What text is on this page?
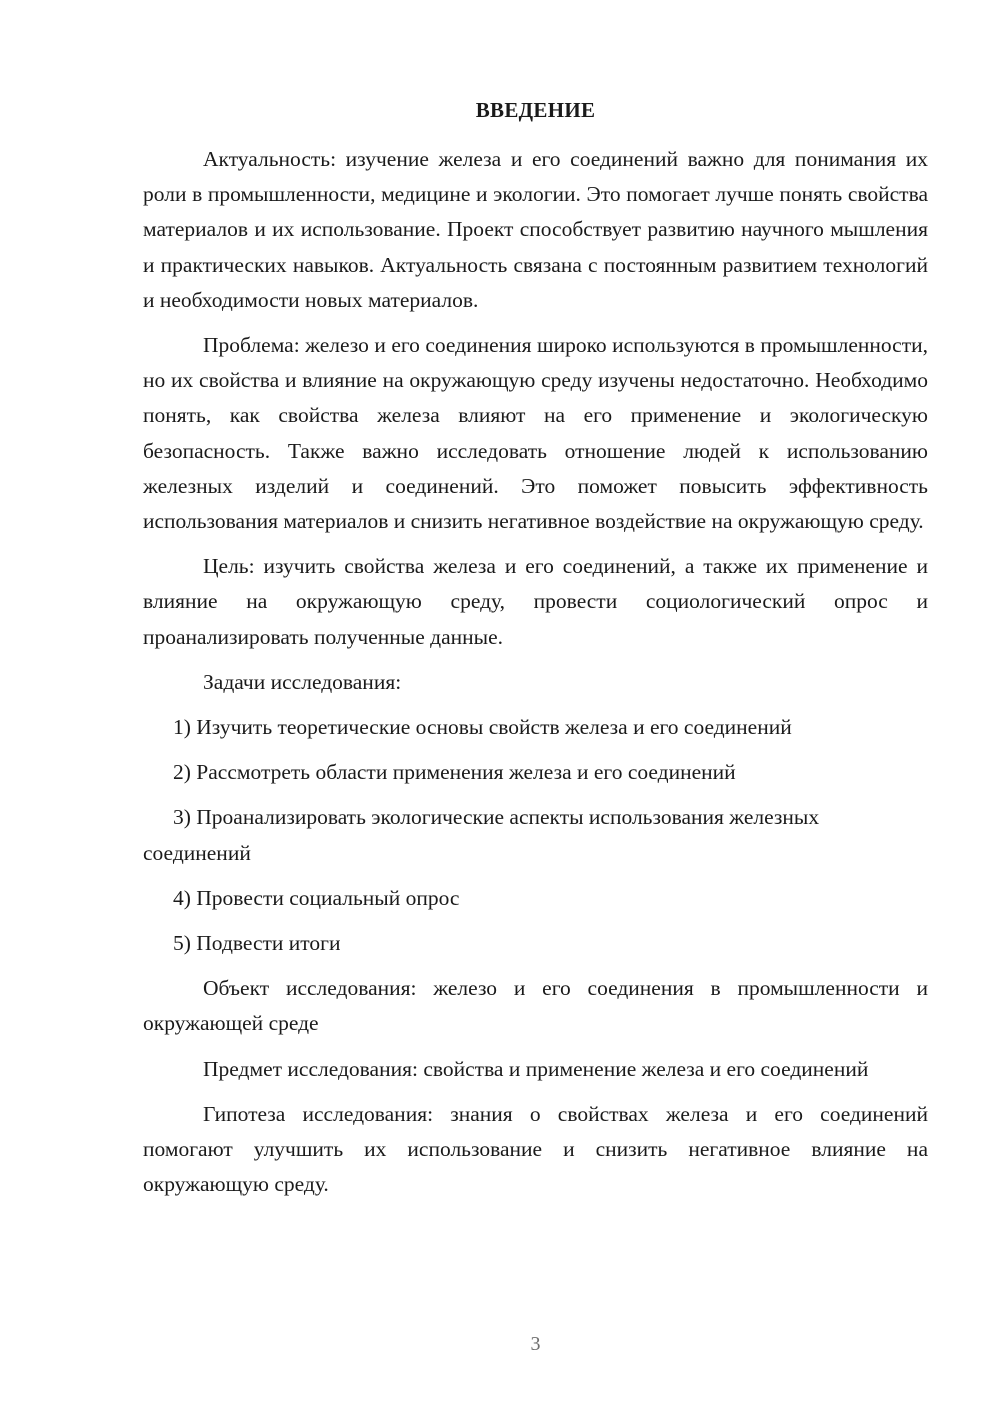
ВВЕДЕНИЕ

Актуальность: изучение железа и его соединений важно для понимания их роли в промышленности, медицине и экологии. Это помогает лучше понять свойства материалов и их использование. Проект способствует развитию научного мышления и практических навыков. Актуальность связана с постоянным развитием технологий и необходимости новых материалов.

Проблема: железо и его соединения широко используются в промышленности, но их свойства и влияние на окружающую среду изучены недостаточно. Необходимо понять, как свойства железа влияют на его применение и экологическую безопасность. Также важно исследовать отношение людей к использованию железных изделий и соединений. Это поможет повысить эффективность использования материалов и снизить негативное воздействие на окружающую среду.

Цель: изучить свойства железа и его соединений, а также их применение и влияние на окружающую среду, провести социологический опрос и проанализировать полученные данные.

Задачи исследования:

1) Изучить теоретические основы свойств железа и его соединений

2) Рассмотреть области применения железа и его соединений

3) Проанализировать экологические аспекты использования железных соединений

4) Провести социальный опрос

5) Подвести итоги

Объект исследования: железо и его соединения в промышленности и окружающей среде

Предмет исследования: свойства и применение железа и его соединений

Гипотеза исследования: знания о свойствах железа и его соединений помогают улучшить их использование и снизить негативное влияние на окружающую среду.

3
